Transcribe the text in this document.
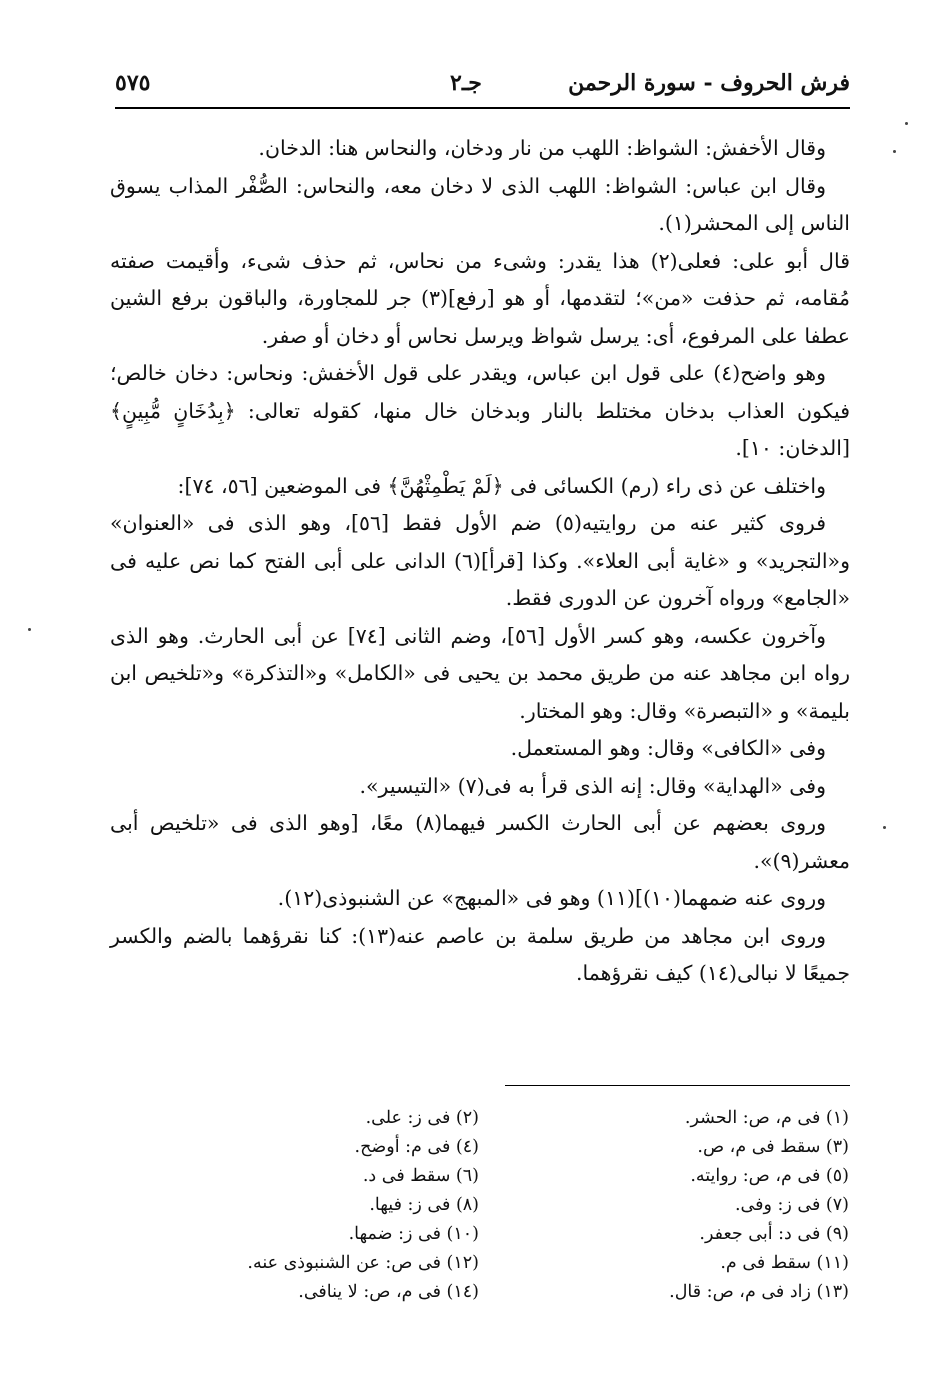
فرش الحروف - سورة الرحمن
جـ٢
٥٧٥

وقال الأخفش: الشواظ: اللهب من نار ودخان، والنحاس هنا: الدخان.

وقال ابن عباس: الشواظ: اللهب الذى لا دخان معه، والنحاس: الصُّفْر المذاب يسوق الناس إلى المحشر(١).

قال أبو على: فعلى(٢) هذا يقدر: وشىء من نحاس، ثم حذف شىء، وأقيمت صفته مُقامه، ثم حذفت «من»؛ لتقدمها، أو هو [رفع](٣) جر للمجاورة، والباقون برفع الشين عطفا على المرفوع، أى: يرسل شواظ ويرسل نحاس أو دخان أو صفر.

وهو واضح(٤) على قول ابن عباس، ويقدر على قول الأخفش: ونحاس: دخان خالص؛ فيكون العذاب بدخان مختلط بالنار وبدخان خال منها، كقوله تعالى: ﴿بِدُخَانٍ مُّبِينٍ﴾ [الدخان: ١٠].

واختلف عن ذى راء (رم) الكسائى فى ﴿لَمْ يَطْمِثْهُنَّ﴾ فى الموضعين [٥٦، ٧٤]:

فروى كثير عنه من روايتيه(٥) ضم الأول فقط [٥٦]، وهو الذى فى «العنوان» و«التجريد» و «غاية أبى العلاء». وكذا [قرأ](٦) الدانى على أبى الفتح كما نص عليه فى «الجامع» ورواه آخرون عن الدورى فقط.

وآخرون عكسه، وهو كسر الأول [٥٦]، وضم الثانى [٧٤] عن أبى الحارث. وهو الذى رواه ابن مجاهد عنه من طريق محمد بن يحيى فى «الكامل» و«التذكرة» و«تلخيص ابن بليمة» و «التبصرة» وقال: وهو المختار.

وفى «الكافى» وقال: وهو المستعمل.

وفى «الهداية» وقال: إنه الذى قرأ به فى(٧) «التيسير».

وروى بعضهم عن أبى الحارث الكسر فيهما(٨) معًا، [وهو الذى فى «تلخيص أبى معشر(٩)».

وروى عنه ضمهما(١٠)](١١) وهو فى «المبهج» عن الشنبوذى(١٢).

وروى ابن مجاهد من طريق سلمة بن عاصم عنه(١٣): كنا نقرؤهما بالضم والكسر جميعًا لا نبالى(١٤) كيف نقرؤهما.

(١) فى م، ص: الحشر.
(٣) سقط فى م، ص.
(٥) فى م، ص: روايته.
(٧) فى ز: وفى.
(٩) فى د: أبى جعفر.
(١١) سقط فى م.
(١٣) زاد فى م، ص: قال.
(٢) فى ز: على.
(٤) فى م: أوضح.
(٦) سقط فى د.
(٨) فى ز: فيها.
(١٠) فى ز: ضمها.
(١٢) فى ص: عن الشنبوذى عنه.
(١٤) فى م، ص: لا ينافى.
